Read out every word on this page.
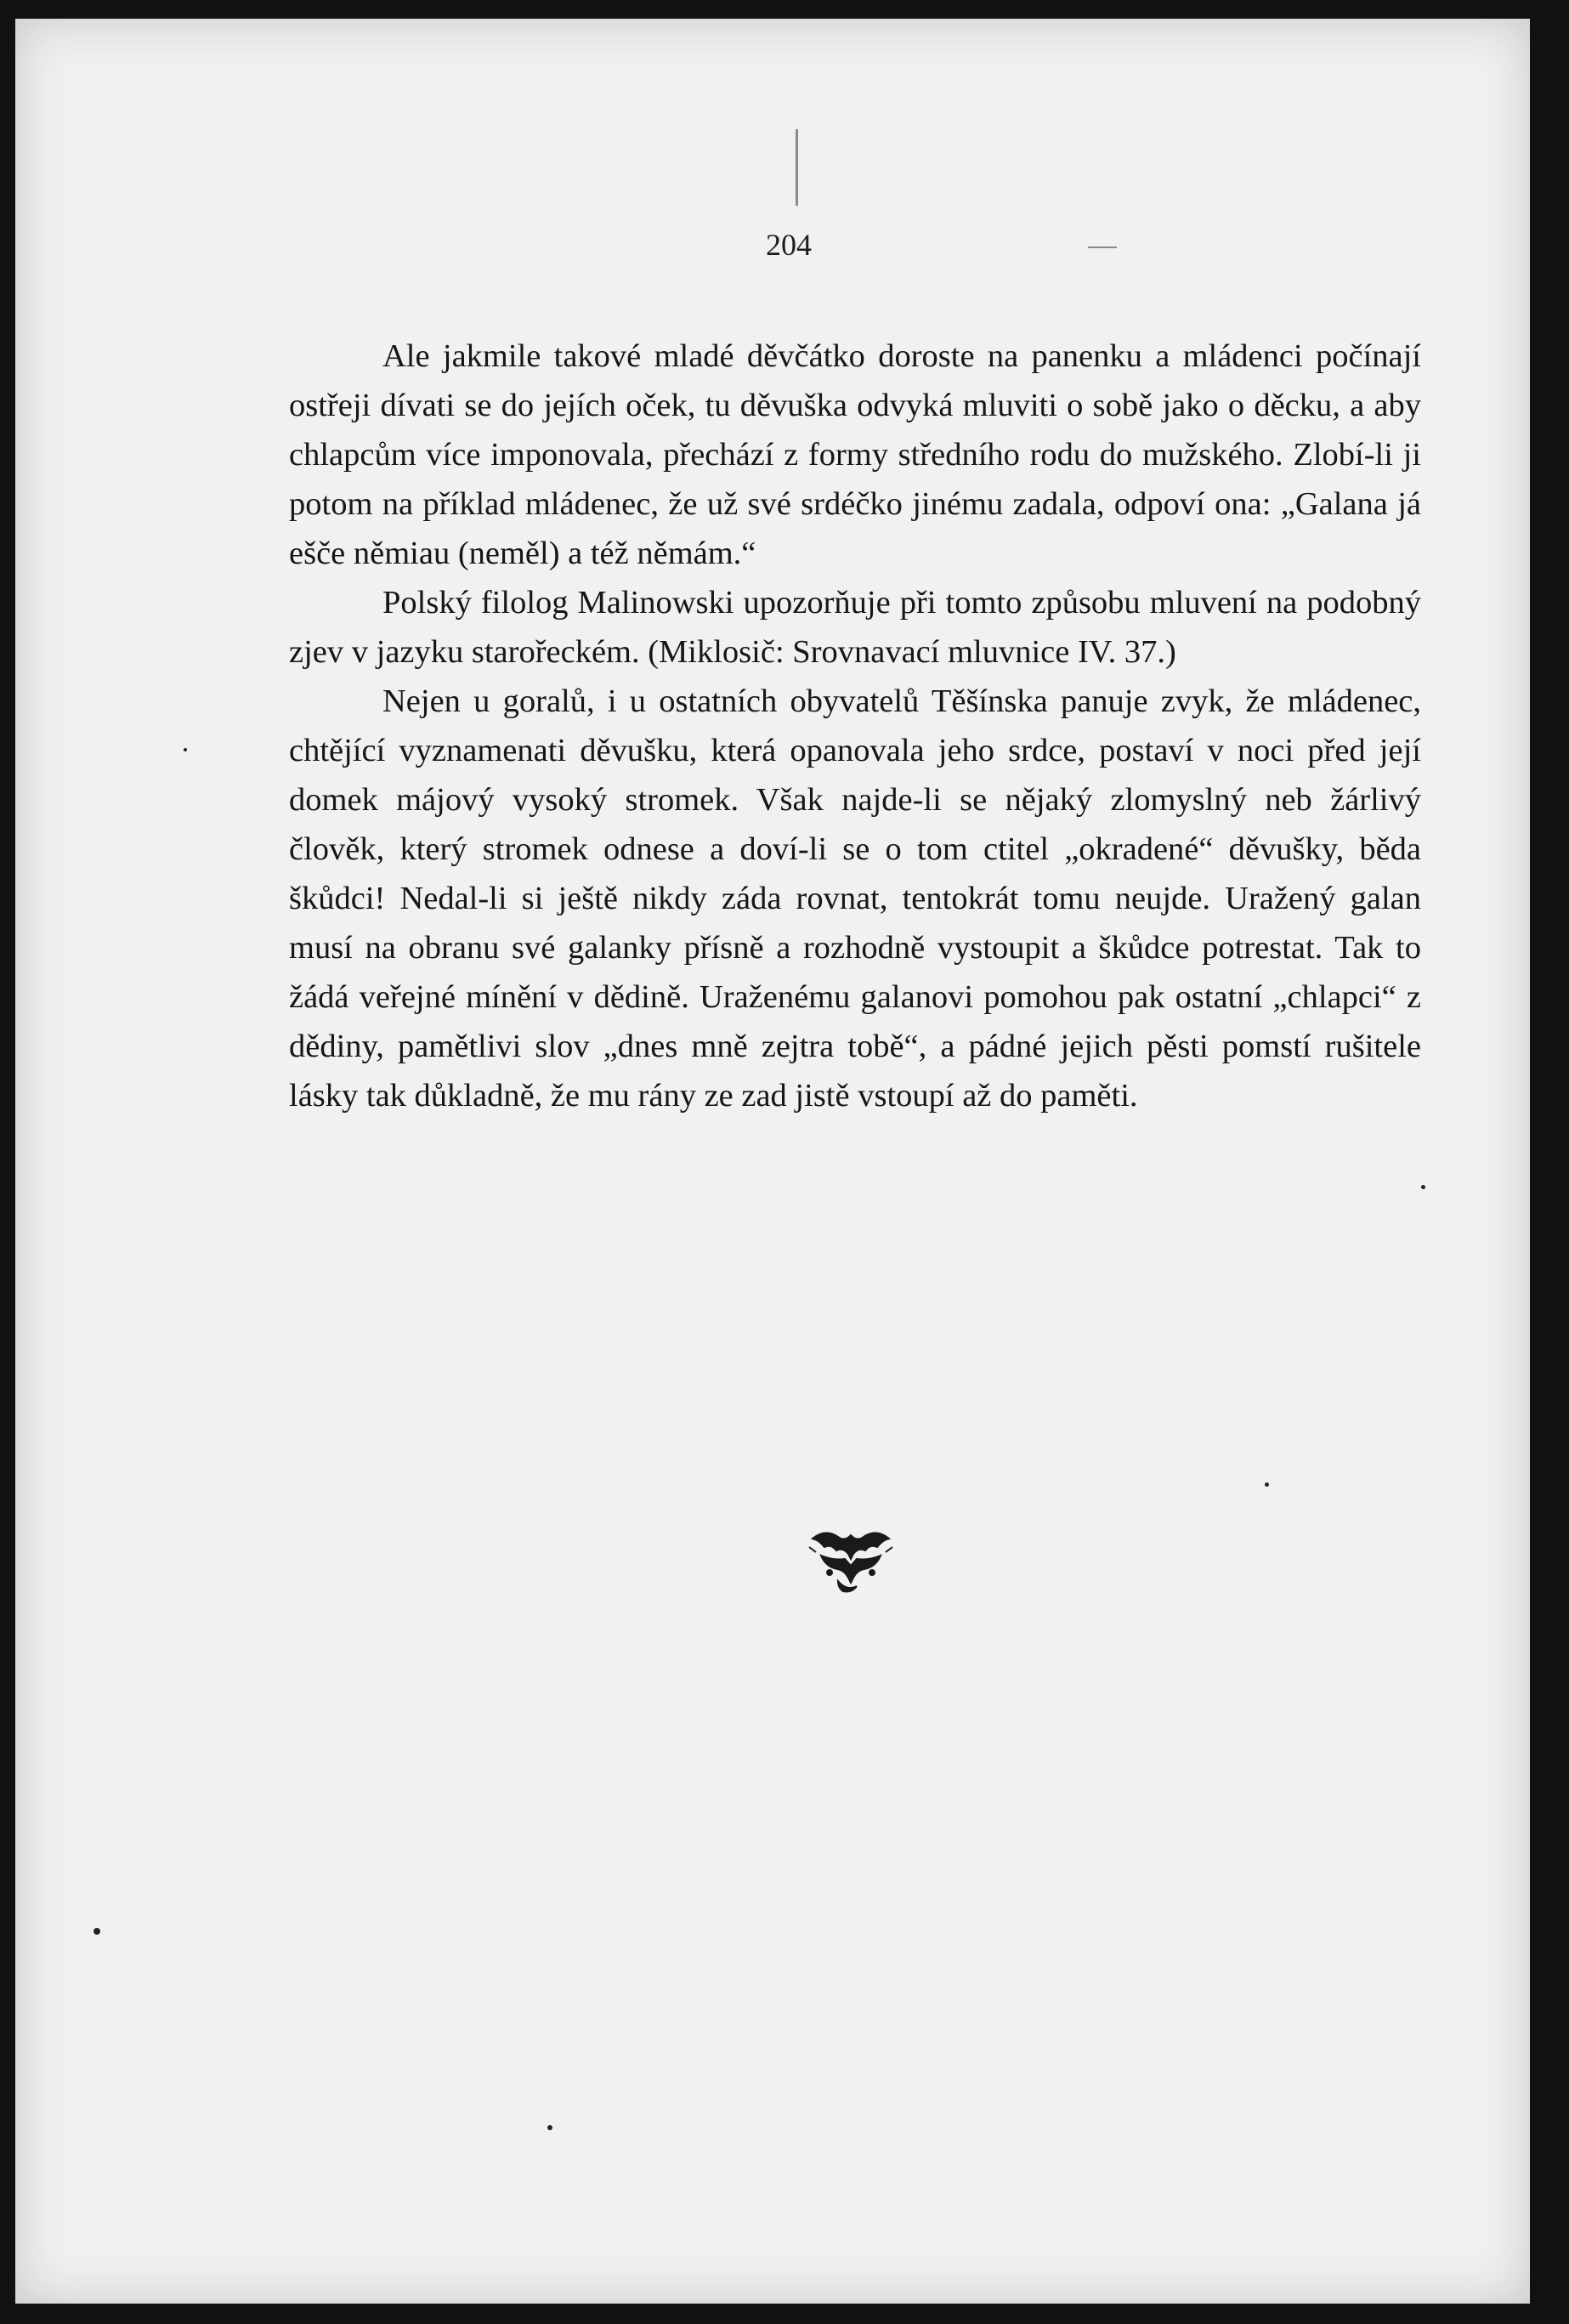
204

Ale jakmile takové mladé děvčátko doroste na panenku a mládenci počínají ostřeji dívati se do jejích oček, tu děvuška odvyká mluviti o sobě jako o děcku, a aby chlapcům více imponovala, přechází z formy středního rodu do mužského. Zlobí-li ji potom na příklad mládenec, že už své srdéčko jinému zadala, odpoví ona: „Galana já ešče němiau (neměl) a též němám.“

Polský filolog Malinowski upozorňuje při tomto způsobu mluvení na podobný zjev v jazyku starořeckém. (Miklosič: Srovnavací mluvnice IV. 37.)

Nejen u goralů, i u ostatních obyvatelů Těšínska panuje zvyk, že mládenec, chtějící vyznamenati děvušku, která opanovala jeho srdce, postaví v noci před její domek májový vysoký stromek. Však najde-li se nějaký zlomyslný neb žárlivý člověk, který stromek odnese a doví-li se o tom ctitel „okradené“ děvušky, běda škůdci! Nedal-li si ještě nikdy záda rovnat, tentokrát tomu neujde. Uražený galan musí na obranu své galanky přísně a rozhodně vystoupit a škůdce potrestat. Tak to žádá veřejné mínění v dědině. Uraženému galanovi pomohou pak ostatní „chlapci“ z dědiny, pamětlivi slov „dnes mně zejtra tobě“, a pádné jejich pěsti pomstí rušitele lásky tak důkladně, že mu rány ze zad jistě vstoupí až do paměti.
